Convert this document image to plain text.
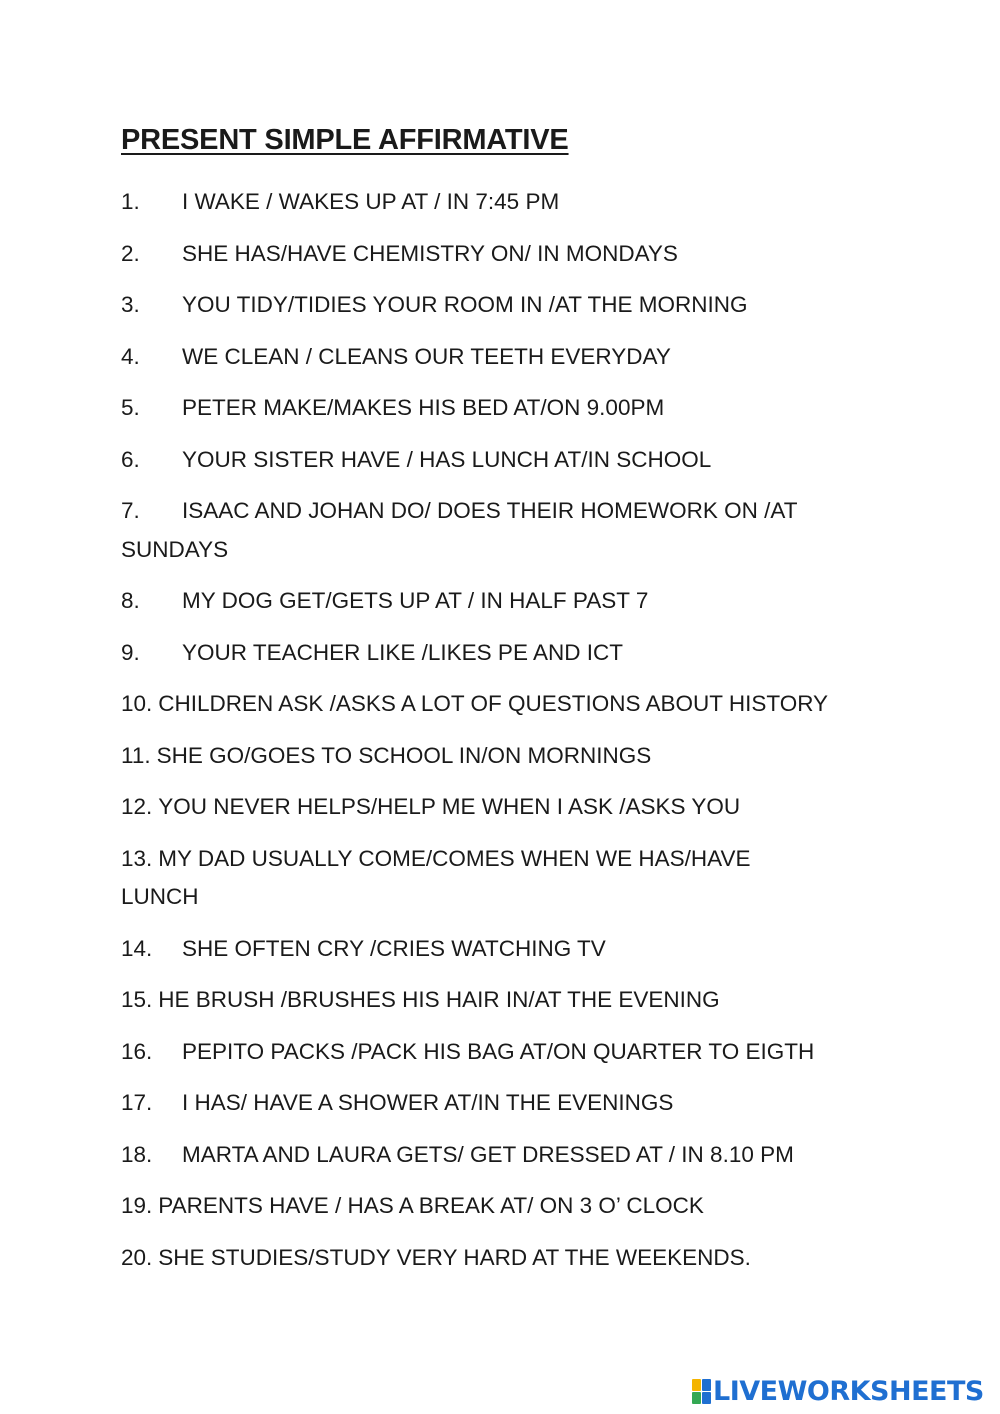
PRESENT SIMPLE AFFIRMATIVE
1. I WAKE / WAKES UP AT / IN 7:45 PM
2. SHE HAS/HAVE CHEMISTRY ON/ IN MONDAYS
3. YOU TIDY/TIDIES YOUR ROOM IN /AT THE MORNING
4. WE CLEAN / CLEANS OUR TEETH EVERYDAY
5. PETER MAKE/MAKES HIS BED AT/ON 9.00PM
6. YOUR SISTER HAVE / HAS LUNCH AT/IN SCHOOL
7. ISAAC AND JOHAN DO/ DOES THEIR HOMEWORK ON /AT SUNDAYS
8. MY DOG GET/GETS UP AT / IN HALF PAST 7
9. YOUR TEACHER LIKE /LIKES PE AND ICT
10. CHILDREN ASK /ASKS A LOT OF QUESTIONS ABOUT HISTORY
11. SHE GO/GOES TO SCHOOL IN/ON MORNINGS
12. YOU NEVER HELPS/HELP ME WHEN I ASK /ASKS YOU
13. MY DAD USUALLY COME/COMES WHEN WE HAS/HAVE LUNCH
14. SHE OFTEN CRY /CRIES WATCHING TV
15. HE BRUSH /BRUSHES HIS HAIR IN/AT THE EVENING
16. PEPITO PACKS /PACK HIS BAG AT/ON QUARTER TO EIGTH
17. I HAS/ HAVE A SHOWER AT/IN THE EVENINGS
18. MARTA AND LAURA GETS/ GET DRESSED AT / IN 8.10 PM
19. PARENTS HAVE / HAS A BREAK AT/ ON 3 O’ CLOCK
20. SHE STUDIES/STUDY VERY HARD AT THE WEEKENDS.
LIVEWORKSHEETS
